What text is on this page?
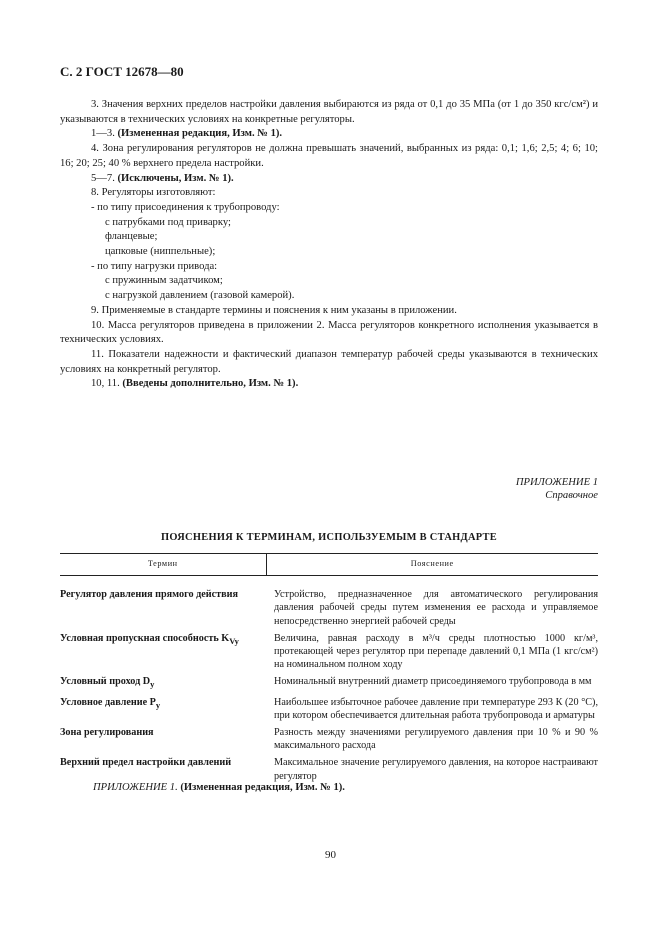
С. 2 ГОСТ 12678—80

3. Значения верхних пределов настройки давления выбираются из ряда от 0,1 до 35 МПа (от 1 до 350 кгс/см²) и указываются в технических условиях на конкретные регуляторы.

1—3. (Измененная редакция, Изм. № 1).

4. Зона регулирования регуляторов не должна превышать значений, выбранных из ряда: 0,1; 1,6; 2,5; 4; 6; 10; 16; 20; 25; 40 % верхнего предела настройки.

5—7. (Исключены, Изм. № 1).

8. Регуляторы изготовляют:

- по типу присоединения к трубопроводу:

с патрубками под приварку;

фланцевые;

цапковые (ниппельные);

- по типу нагрузки привода:

с пружинным задатчиком;

с нагрузкой давлением (газовой камерой).

9. Применяемые в стандарте термины и пояснения к ним указаны в приложении.

10. Масса регуляторов приведена в приложении 2. Масса регуляторов конкретного исполнения указывается в технических условиях.

11. Показатели надежности и фактический диапазон температур рабочей среды указываются в технических условиях на конкретный регулятор.

10, 11. (Введены дополнительно, Изм. № 1).

ПРИЛОЖЕНИЕ 1
Справочное
ПОЯСНЕНИЯ К ТЕРМИНАМ, ИСПОЛЬЗУЕМЫМ В СТАНДАРТЕ
Термин	Пояснение
Регулятор давления прямого действия	Устройство, предназначенное для автоматического регулирования давления рабочей среды путем изменения ее расхода и управляемое непосредственно энергией рабочей среды
Условная пропускная способность $K_{Vy}$	Величина, равная расходу в м³/ч среды плотностью 1000 кг/м³, протекающей через регулятор при перепаде давлений 0,1 МПа (1 кгс/см²) на номинальном полном ходу
Условный проход $D_y$	Номинальный внутренний диаметр присоединяемого трубопровода в мм
Условное давление $P_y$	Наибольшее избыточное рабочее давление при температуре 293 К (20 °С), при котором обеспечивается длительная работа трубопровода и арматуры
Зона регулирования	Разность между значениями регулируемого давления при 10 % и 90 % максимального расхода
Верхний предел настройки давлений	Максимальное значение регулируемого давления, на которое настраивают регулятор
ПРИЛОЖЕНИЕ 1. (Измененная редакция, Изм. № 1).
90
